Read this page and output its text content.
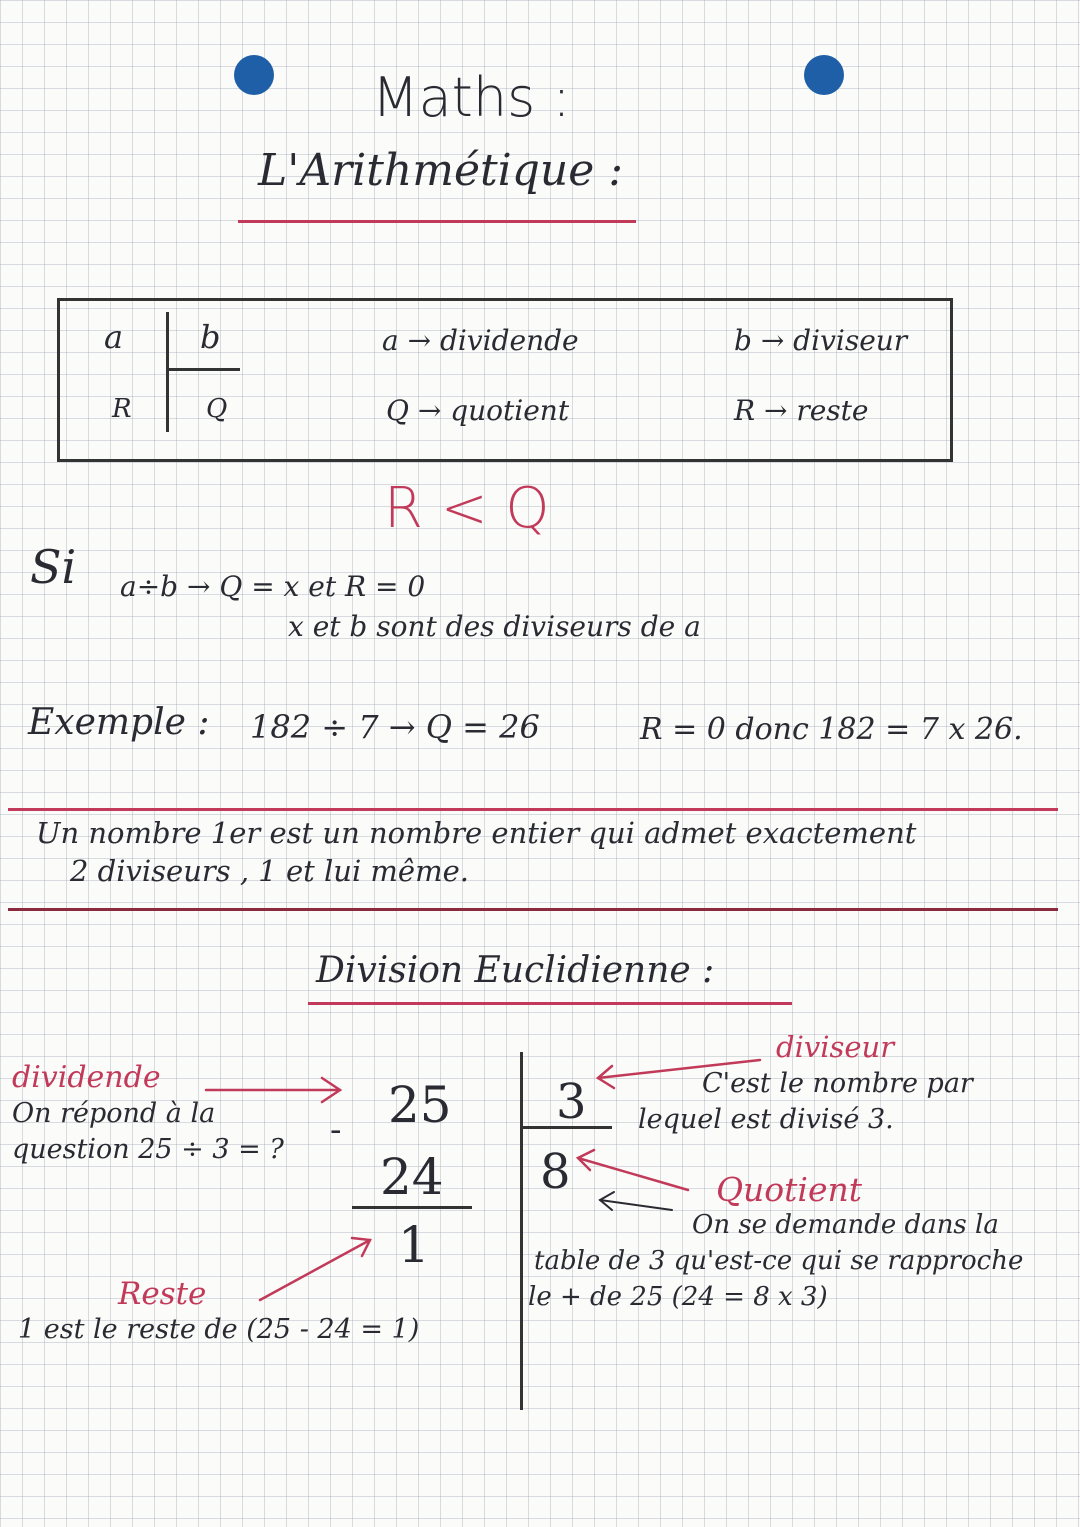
Maths :
L'Arithmétique :
a b
R	Q
a → dividende	b → diviseur
Q → quotient	R → reste
R < Q
Si a÷b → Q = x et R = 0
x et b sont des diviseurs de a
Exemple : 182 ÷ 7 → Q = 26	R = 0 donc 182 = 7 x 26.
Un nombre 1er est un nombre entier qui admet exactement
2 diviseurs , 1 et lui même.
Division Euclidienne :
dividende
On répond à la
question 25 ÷ 3 = ?
25
-
24
1
3
8
diviseur
C'est le nombre par
lequel est divisé 3.
Quotient
On se demande dans la
table de 3 qu'est-ce qui se rapproche
le + de 25 (24 = 8 x 3)
Reste
1 est le reste de (25 - 24 = 1)
